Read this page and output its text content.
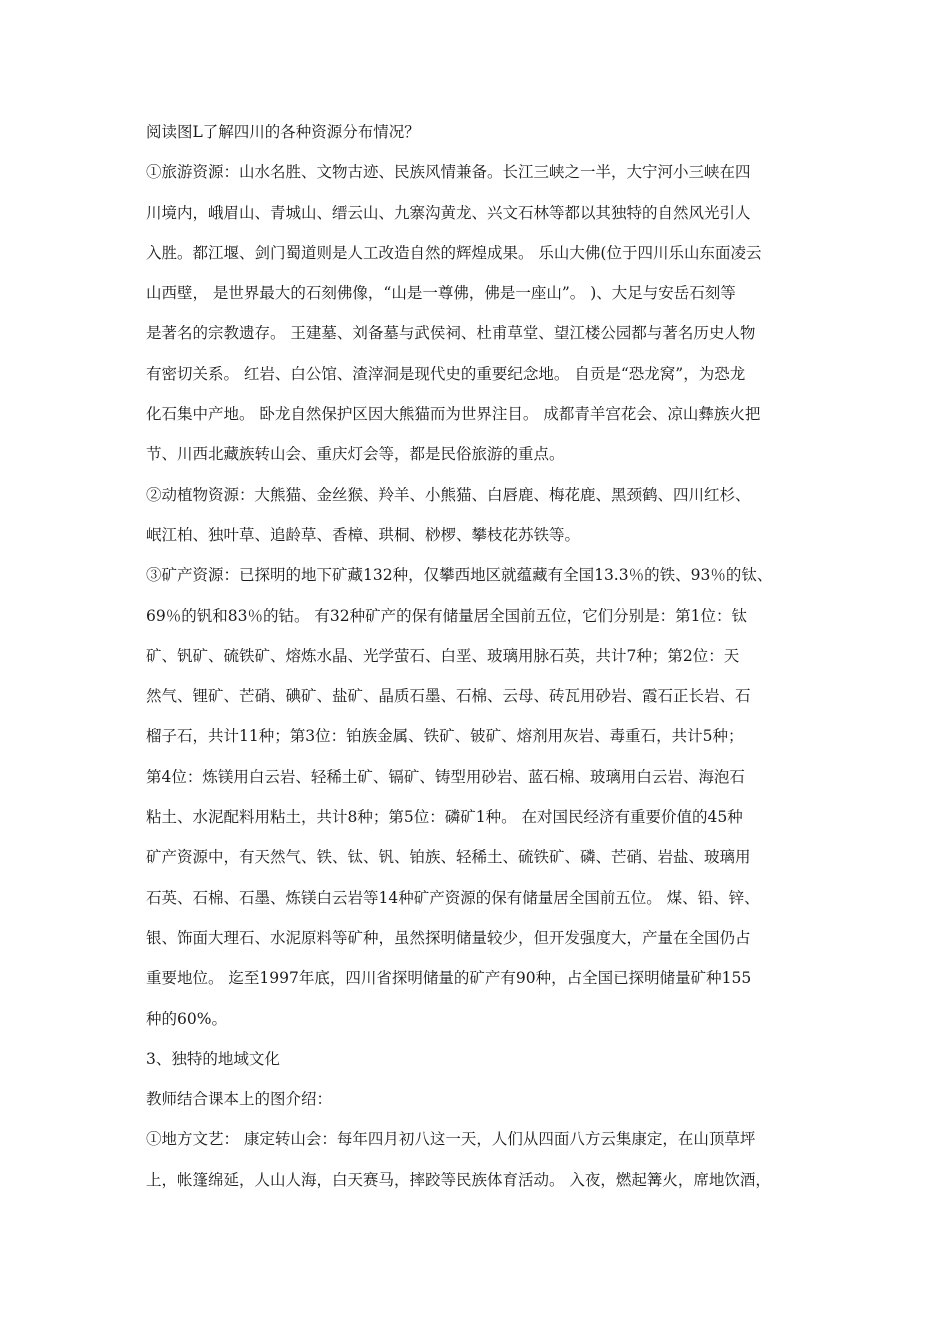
阅读图L了解四川的各种资源分布情况？
①旅游资源：山水名胜、文物古迹、民族风情兼备。长江三峡之一半，大宁河小三峡在四
川境内，峨眉山、青城山、缙云山、九寨沟黄龙、兴文石林等都以其独特的自然风光引人
入胜。都江堰、剑门蜀道则是人工改造自然的辉煌成果。 乐山大佛(位于四川乐山东面凌云
山西壁， 是世界最大的石刻佛像，“山是一尊佛，佛是一座山”。 )、大足与安岳石刻等
是著名的宗教遗存。 王建墓、刘备墓与武侯祠、杜甫草堂、望江楼公园都与著名历史人物
有密切关系。 红岩、白公馆、渣滓洞是现代史的重要纪念地。 自贡是“恐龙窝”，为恐龙
化石集中产地。 卧龙自然保护区因大熊猫而为世界注目。 成都青羊宫花会、凉山彝族火把
节、川西北藏族转山会、重庆灯会等，都是民俗旅游的重点。
②动植物资源：大熊猫、金丝猴、羚羊、小熊猫、白唇鹿、梅花鹿、黑颈鹤、四川红杉、
岷江柏、独叶草、追龄草、香樟、珙桐、桫椤、攀枝花苏铁等。
③矿产资源：已探明的地下矿藏132种，仅攀西地区就蕴藏有全国13.3％的铁、93％的钛、
69％的钒和83％的钴。 有32种矿产的保有储量居全国前五位，它们分别是：第1位：钛
矿、钒矿、硫铁矿、熔炼水晶、光学萤石、白垩、玻璃用脉石英，共计7种；第2位：天
然气、锂矿、芒硝、碘矿、盐矿、晶质石墨、石棉、云母、砖瓦用砂岩、霞石正长岩、石
榴子石，共计11种；第3位：铂族金属、铁矿、铍矿、熔剂用灰岩、毒重石，共计5种；
第4位：炼镁用白云岩、轻稀土矿、镉矿、铸型用砂岩、蓝石棉、玻璃用白云岩、海泡石
粘土、水泥配料用粘土，共计8种；第5位：磷矿1种。 在对国民经济有重要价值的45种
矿产资源中，有天然气、铁、钛、钒、铂族、轻稀土、硫铁矿、磷、芒硝、岩盐、玻璃用
石英、石棉、石墨、炼镁白云岩等14种矿产资源的保有储量居全国前五位。 煤、铅、锌、
银、饰面大理石、水泥原料等矿种，虽然探明储量较少，但开发强度大，产量在全国仍占
重要地位。 迄至1997年底，四川省探明储量的矿产有90种，占全国已探明储量矿种155
种的60%。
3、独特的地域文化
教师结合课本上的图介绍：
①地方文艺： 康定转山会：每年四月初八这一天，人们从四面八方云集康定，在山顶草坪
上，帐篷绵延，人山人海，白天赛马，摔跤等民族体育活动。 入夜，燃起篝火，席地饮酒，
